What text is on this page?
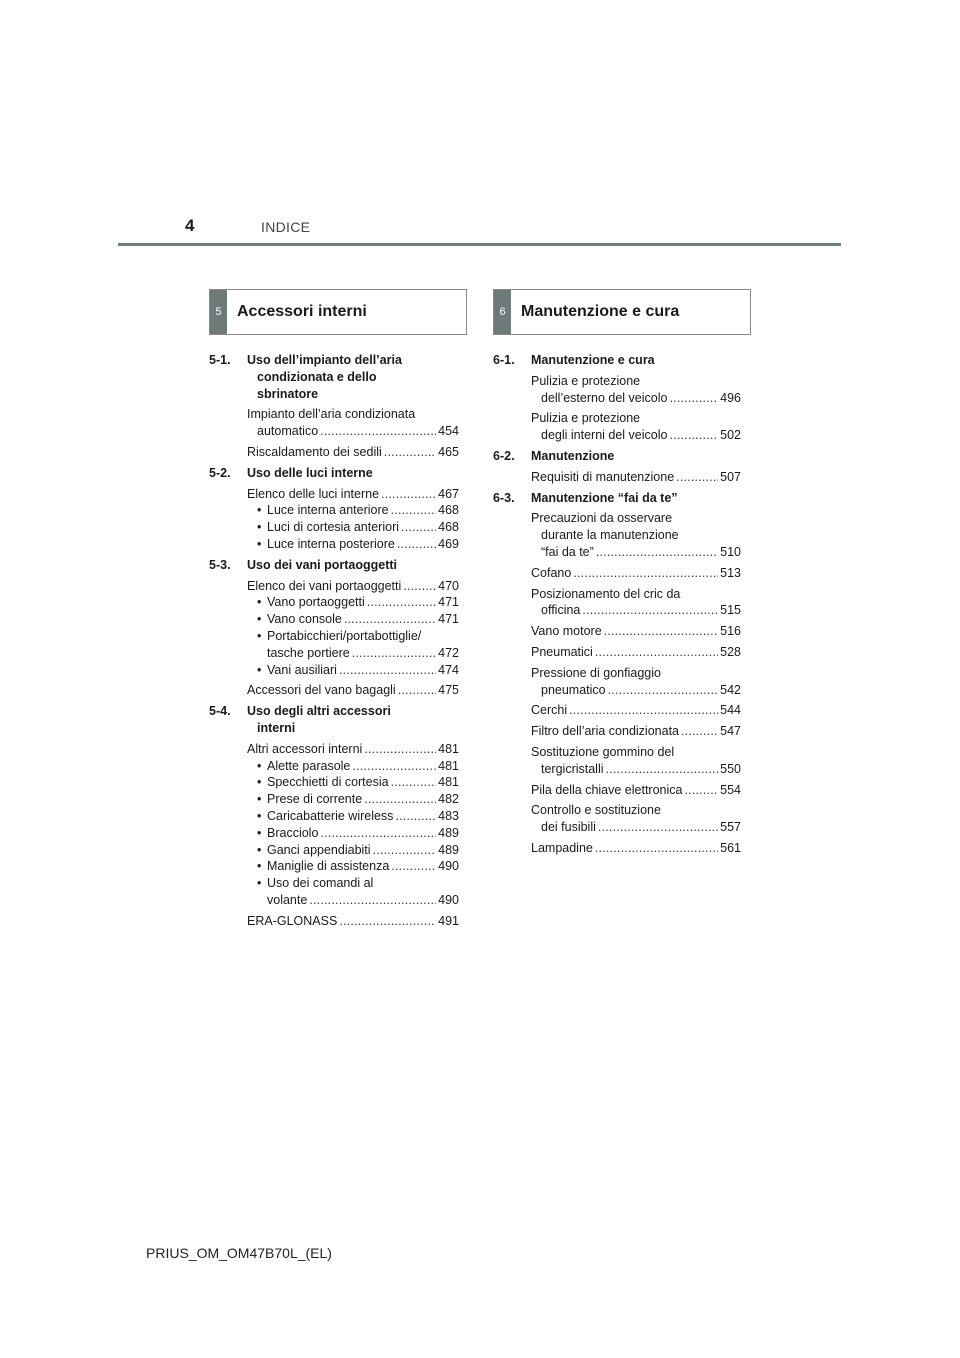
4	INDICE
5 Accessori interni	6 Manutenzione e cura
5-1.	Uso dell’impianto dell’aria
condizionata e dello
sbrinatore
Impianto dell’aria condizionata
automatico .....	454
Riscaldamento dei sedili .....	465
5-2.	Uso delle luci interne
Elenco delle luci interne .....	467
• Luce interna anteriore .....	468
• Luci di cortesia anteriori .....	468
• Luce interna posteriore .....	469
5-3.	Uso dei vani portaoggetti
Elenco dei vani portaoggetti .....	470
• Vano portaoggetti .....	471
• Vano console .....	471
• Portabicchieri/portabottiglie/
tasche portiere .....	472
• Vani ausiliari .....	474
Accessori del vano bagagli .....	475
5-4.	Uso degli altri accessori
interni
Altri accessori interni .....	481
• Alette parasole .....	481
• Specchietti di cortesia .....	481
• Prese di corrente .....	482
• Caricabatterie wireless .....	483
• Bracciolo .....	489
• Ganci appendiabiti .....	489
• Maniglie di assistenza .....	490
• Uso dei comandi al
volante .....	490
ERA-GLONASS .....	491
6-1.	Manutenzione e cura
Pulizia e protezione
dell’esterno del veicolo .....	496
Pulizia e protezione
degli interni del veicolo .....	502
6-2.	Manutenzione
Requisiti di manutenzione .....	507
6-3.	Manutenzione “fai da te”
Precauzioni da osservare
durante la manutenzione
“fai da te” .....	510
Cofano .....	513
Posizionamento del cric da
officina .....	515
Vano motore .....	516
Pneumatici .....	528
Pressione di gonfiaggio
pneumatico .....	542
Cerchi .....	544
Filtro dell’aria condizionata .....	547
Sostituzione gommino del
tergicristalli .....	550
Pila della chiave elettronica .....	554
Controllo e sostituzione
dei fusibili .....	557
Lampadine .....	561
PRIUS_OM_OM47B70L_(EL)
